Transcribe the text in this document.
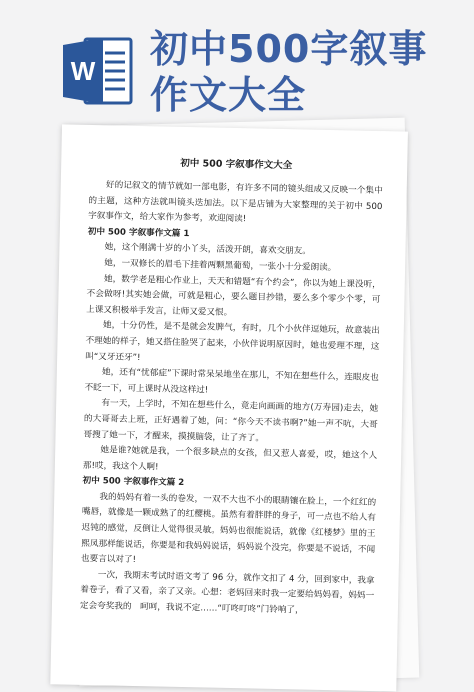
W 初中500字叙事
作文大全
初中 500 字叙事作文大全

好的记叙文的情节就如一部电影，有许多不同的镜头组成又反映一个集中的主题，这种方法就叫镜头迭加法。以下是店铺为大家整理的关于初中 500 字叙事作文，给大家作为参考，欢迎阅读!

初中 500 字叙事作文篇 1

她，这个刚满十岁的小丫头，活泼开朗，喜欢交朋友。

她，一双修长的眉毛下挂着两颗黑葡萄，一张小十分爱朗读。

她，数学老是粗心作业上，天天和错题“有个约会”，你以为她上课没听，不会做呀!其实她会做，可就是粗心，要么题目抄错，要么多个零少个零，可上课又积极举手发言，让师又爱又恨。

她，十分仍性，是不是就会发脾气，有时，几个小伙伴逗她玩，故意装出不理她的样子，她又搭住脸哭了起来，小伙伴说明原因时，她也爱理不理，这叫“又牙还牙”!

她，还有“忧郁症”下课时常呆呆地坐在那儿，不知在想些什么，连眼皮也不眨一下，可上课时从没这样过!

有一天，上学时，不知在想些什么，竟走向画画的地方(万寿园)走去，她的大哥哥去上班，正好遇着了她，问：“你今天不读书啊?”她一声不吭，大哥哥搜了她一下，才醒来，摸摸脑袋，让了齐了。

她是谁?她就是我，一个很多缺点的女孩，但又惹人喜爱，哎，她这个人那!哎，我这个人啊!

初中 500 字叙事作文篇 2

我的妈妈有着一头的卷发，一双不大也不小的眼睛镶在脸上，一个红红的嘴唇，就像是一颗成熟了的红樱桃。虽然有着胖胖的身子，可一点也不给人有迟钝的感觉，反倒让人觉得很灵敏。妈妈也很能说话，就像《红楼梦》里的王熙凤那样能说话，你要是和我妈妈说话，妈妈说个没完，你要是不说话，不闻也要言以对了!

一次，我期末考试时语文考了 96 分，就作文扣了 4 分，回到家中，我拿着卷子，看了又看，亲了又亲。心想：老妈回来时我一定要给妈妈看，妈妈一定会夸奖我的　呵呵，我说不定……“叮咚叮咚”门铃响了，
